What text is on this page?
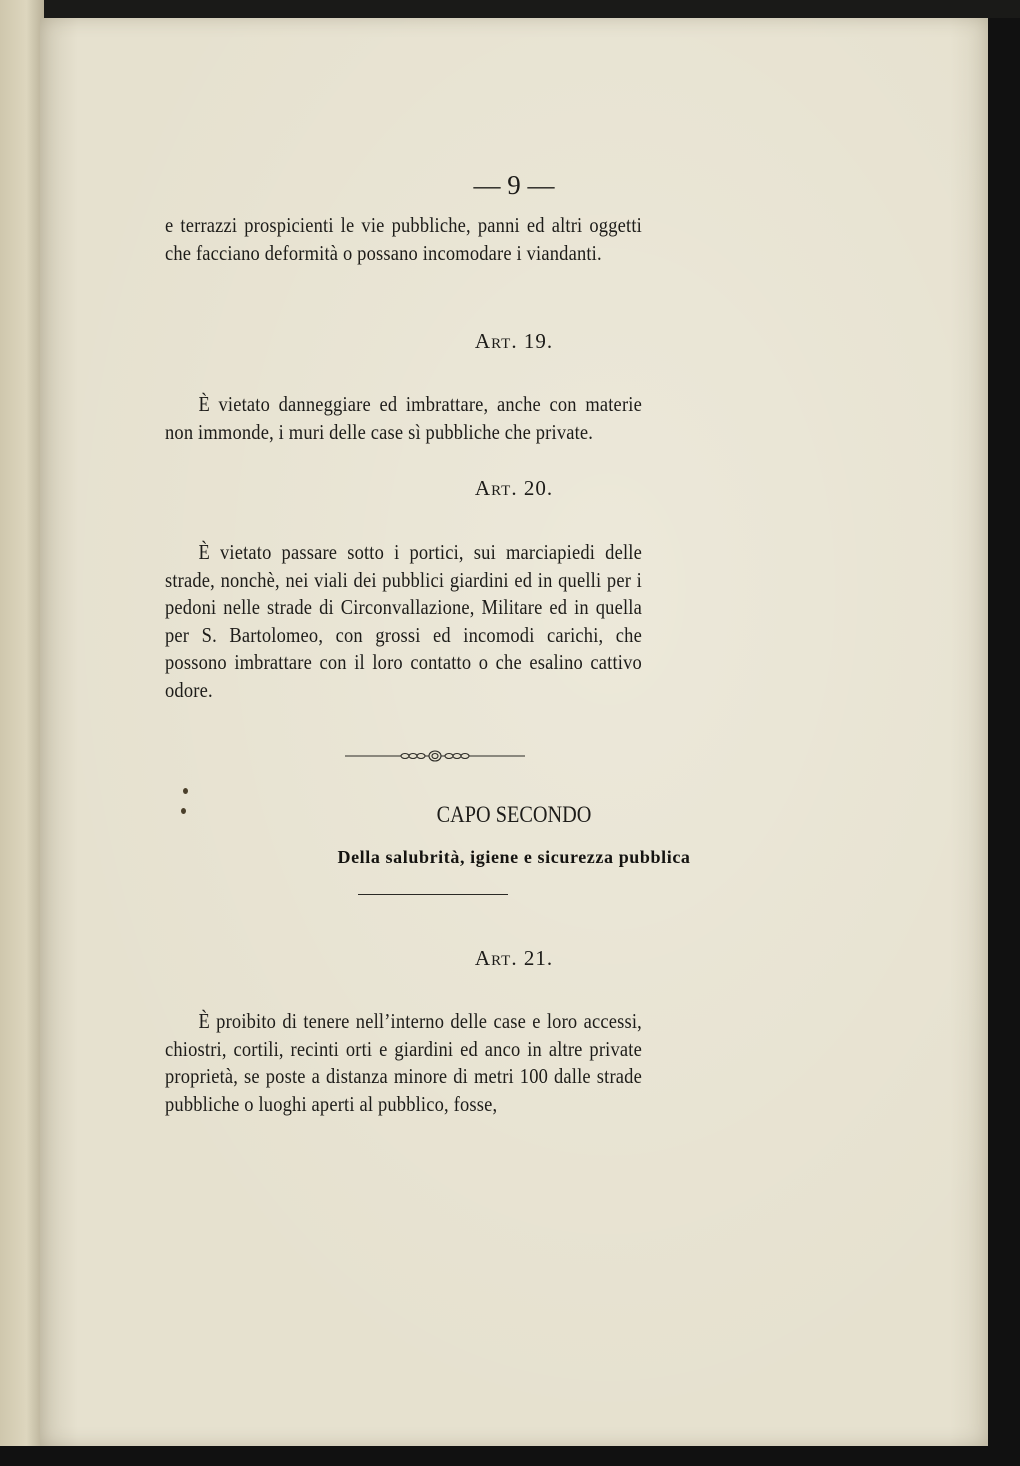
— 9 —

e terrazzi prospicienti le vie pubbliche, panni ed altri oggetti che facciano deformità o possano incomodare i viandanti.

Art. 19.

È vietato danneggiare ed imbrattare, anche con materie non immonde, i muri delle case sì pubbliche che private.

Art. 20.

È vietato passare sotto i portici, sui marciapiedi delle strade, nonchè, nei viali dei pubblici giardini ed in quelli per i pedoni nelle strade di Circonvallazione, Militare ed in quella per S. Bartolomeo, con grossi ed incomodi carichi, che possono imbrattare con il loro contatto o che esalino cattivo odore.

CAPO SECONDO
Della salubrità, igiene e sicurezza pubblica
Art. 21.

È proibito di tenere nell’interno delle case e loro accessi, chiostri, cortili, recinti orti e giardini ed anco in altre private proprietà, se poste a distanza minore di metri 100 dalle strade pubbliche o luoghi aperti al pubblico, fosse,
